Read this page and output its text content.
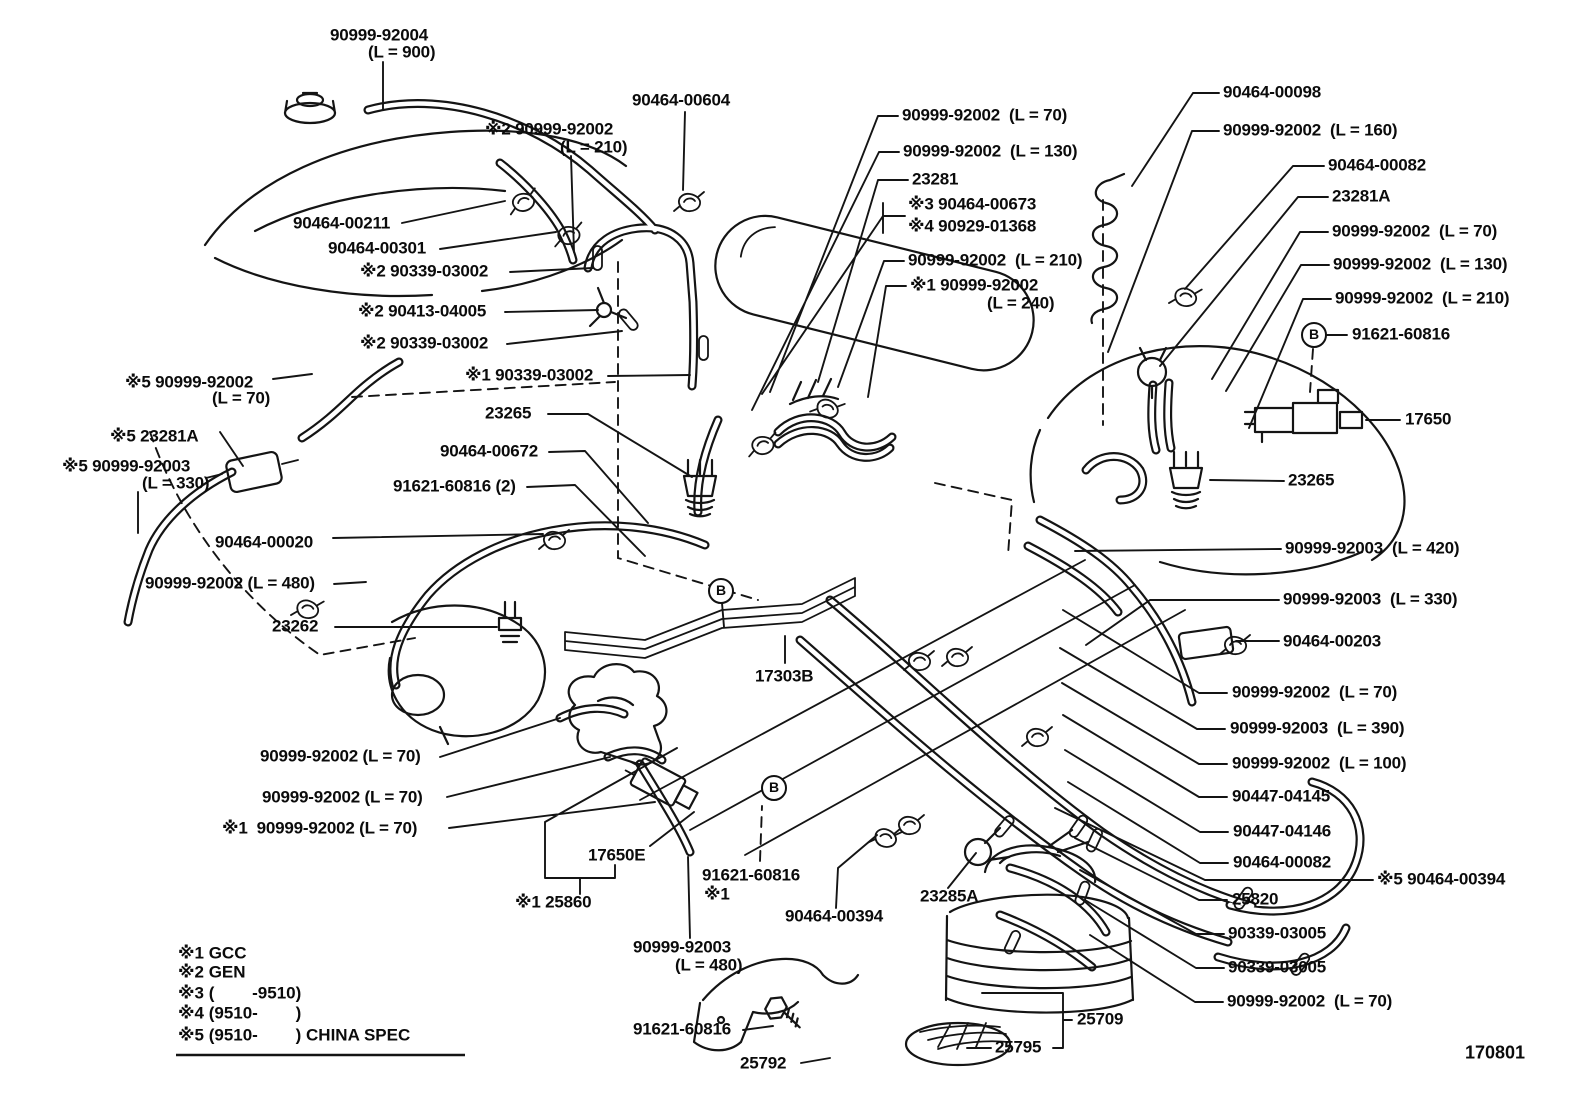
90999-92004
(L = 900)
※2 90999-92002
(L = 210)
90464-00604
90464-00211
90464-00301
※2 90339-03002
※2 90413-04005
※2 90339-03002
※1 90339-03002
※5 90999-92002
(L = 70)
※5 23281A
※5 90999-92003
(L = 330)
23265
90464-00672
91621-60816 (2)
90464-00020
90999-92002 (L = 480)
23262
90999-92002  (L = 70)
90999-92002  (L = 130)
23281
※3 90464-00673
※4 90929-01368
90999-92002  (L = 210)
※1 90999-92002
(L = 240)
90464-00098
90999-92002  (L = 160)
90464-00082
23281A
90999-92002  (L = 70)
90999-92002  (L = 130)
90999-92002  (L = 210)
91621-60816
17650
23265
90999-92003  (L = 420)
90999-92003  (L = 330)
90464-00203
90999-92002  (L = 70)
90999-92003  (L = 390)
90999-92002  (L = 100)
90447-04145
90447-04146
90464-00082
※5 90464-00394
25820
90339-03005
90339-03005
90999-92002  (L = 70)
17303B
90999-92002 (L = 70)
90999-92002 (L = 70)
※1  90999-92002 (L = 70)
17650E
※1 25860
91621-60816
※1
90464-00394
23285A
90999-92003
(L = 480)
91621-60816
25792
25795
25709
※1 GCC
※2 GEN
※3 (        -9510)
※4 (9510-        )
※5 (9510-        ) CHINA SPEC
B
B
B
170801
